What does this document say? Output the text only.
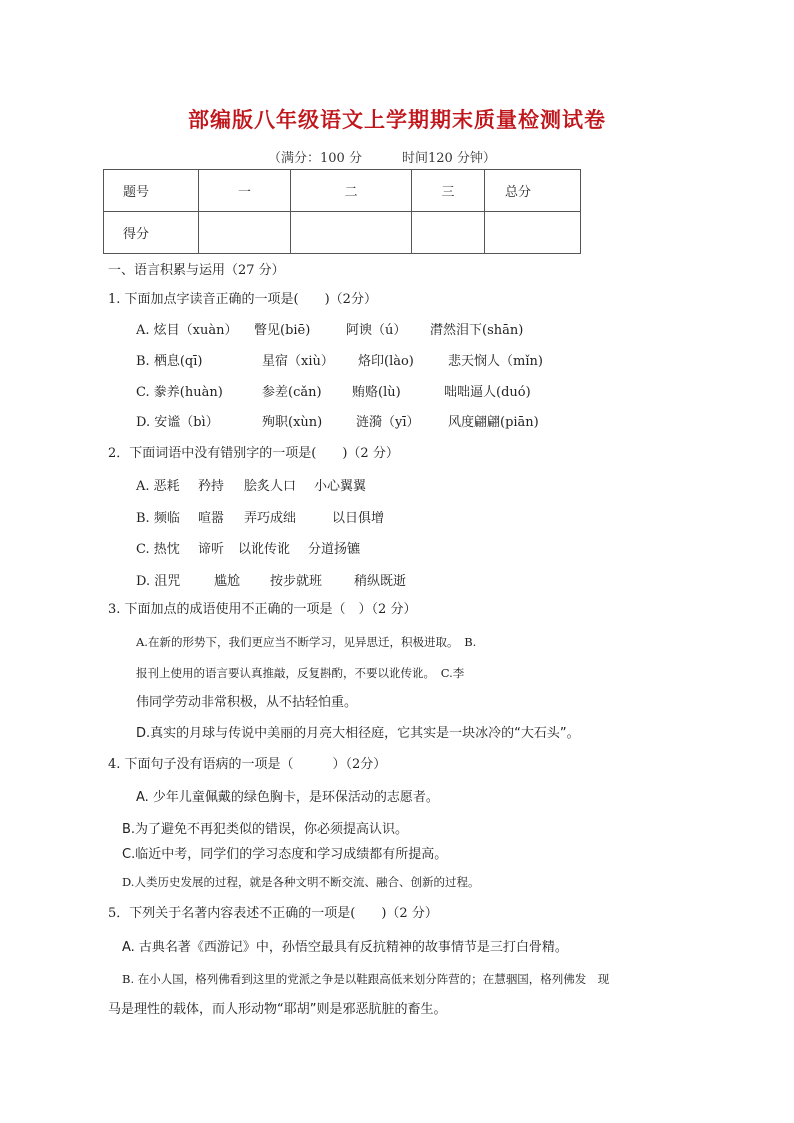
部编版八年级语文上学期期末质量检测试卷
（满分：100 分	时间120 分钟）
题号	一	二	三	总分
得分				
一、语言积累与运用（27 分）
1. 下面加点字读音正确的一项是(　　)（2分）
A. 炫目（xuàn） 瞥见(biē)	阿谀（ú） 潸然泪下(shān)
B. 栖息(qī)	星宿（xiù） 烙印(lào)	悲天悯人（mǐn)
C. 豢养(huàn)	参差(cǎn) 贿赂(lù)	咄咄逼人(duó)
D. 安谧（bì）	殉职(xùn)	涟漪（yī） 风度翩翩(piān)
2．下面词语中没有错别字的一项是(　　)（2 分）
A. 恶耗 矜持 脍炙人口 小心翼翼
B. 频临 喧嚣 弄巧成绌	以日俱增
C. 热忱 谛听 以讹传讹 分道扬镳
D. 沮咒	尴尬 按步就班 稍纵既逝
3. 下面加点的成语使用不正确的一项是（　）（2 分）
A.在新的形势下，我们更应当不断学习，见异思迁，积极进取。　B.
报刊上使用的语言要认真推敲，反复斟酌，不要以讹传讹。　C.李
伟同学劳动非常积极，从不拈轻怕重。
D.真实的月球与传说中美丽的月亮大相径庭，它其实是一块冰冷的“大石头”。
4. 下面句子没有语病的一项是（　　　）（2分）
A. 少年儿童佩戴的绿色胸卡，是环保活动的志愿者。
B.为了避免不再犯类似的错误，你必须提高认识。
C.临近中考，同学们的学习态度和学习成绩都有所提高。
D.人类历史发展的过程，就是各种文明不断交流、融合、创新的过程。
5．下列关于名著内容表述不正确的一项是(　　)（2 分）
A. 古典名著《西游记》中，孙悟空最具有反抗精神的故事情节是三打白骨精。
B. 在小人国，格列佛看到这里的党派之争是以鞋跟高低来划分阵营的；在慧骃国，格列佛发　现
马是理性的载体，而人形动物“耶胡”则是邪恶肮脏的畜生。
